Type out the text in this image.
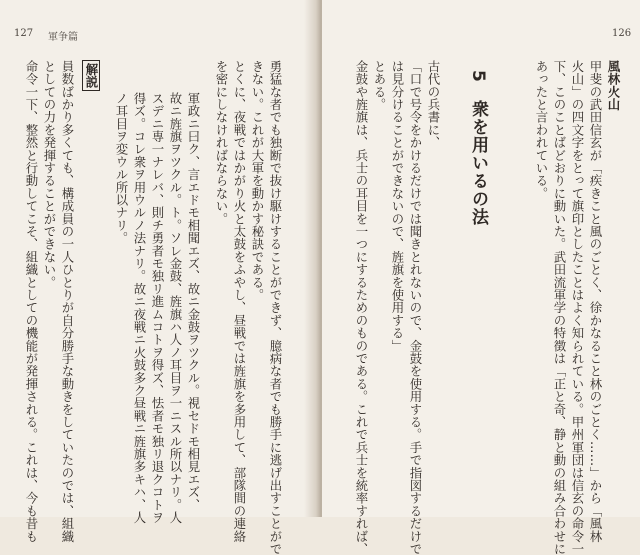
127 軍争篇
勇猛な者でも独断で抜け駆けすることができず、臆病な者でも勝手に逃げ出すことがで
きない。これが大軍を動かす秘訣である。
とくに、夜戦ではかがり火と太鼓をふやし、昼戦では旌旗を多用して、部隊間の連絡
を密にしなければならない。
軍政ニ曰ク、言エドモ相聞エズ、故ニ金鼓ヲツクル。視セドモ相見エズ、
故ニ旌旗ヲツクル。ト。ソレ金鼓、旌旗ハ人ノ耳目ヲ一ニスル所以ナリ。人
スデニ専一ナレバ、則チ勇者モ独リ進ムコトヲ得ズ、怯者モ独リ退クコトヲ
得ズ。コレ衆ヲ用ウルノ法ナリ。故ニ夜戦ニ火鼓多ク昼戦ニ旌旗多キハ、人
ノ耳目ヲ変ウル所以ナリ。
解説
員数ばかり多くても、構成員の一人ひとりが自分勝手な動きをしていたのでは、組織
としての力を発揮することができない。
命令一下、整然と行動してこそ、組織としての機能が発揮される。これは、今も昔も
126
風林火山
甲斐の武田信玄が「疾きこと風のごとく、徐かなること林のごとく……」から「風林
火山」の四文字をとって旗印としたことはよく知られている。甲州軍団は信玄の命令一
下、このことばどおりに動いた。武田流軍学の特徴は「正と奇、静と動の組み合わせに
あったと言われている。
5
衆を用いるの法
古代の兵書に、
「口で号令をかけるだけでは聞きとれないので、金鼓を使用する。手で指図するだけで
は見分けることができないので、旌旗を使用する」
とある。
金鼓や旌旗は、兵士の耳目を一つにするためのものである。これで兵士を統率すれば、
